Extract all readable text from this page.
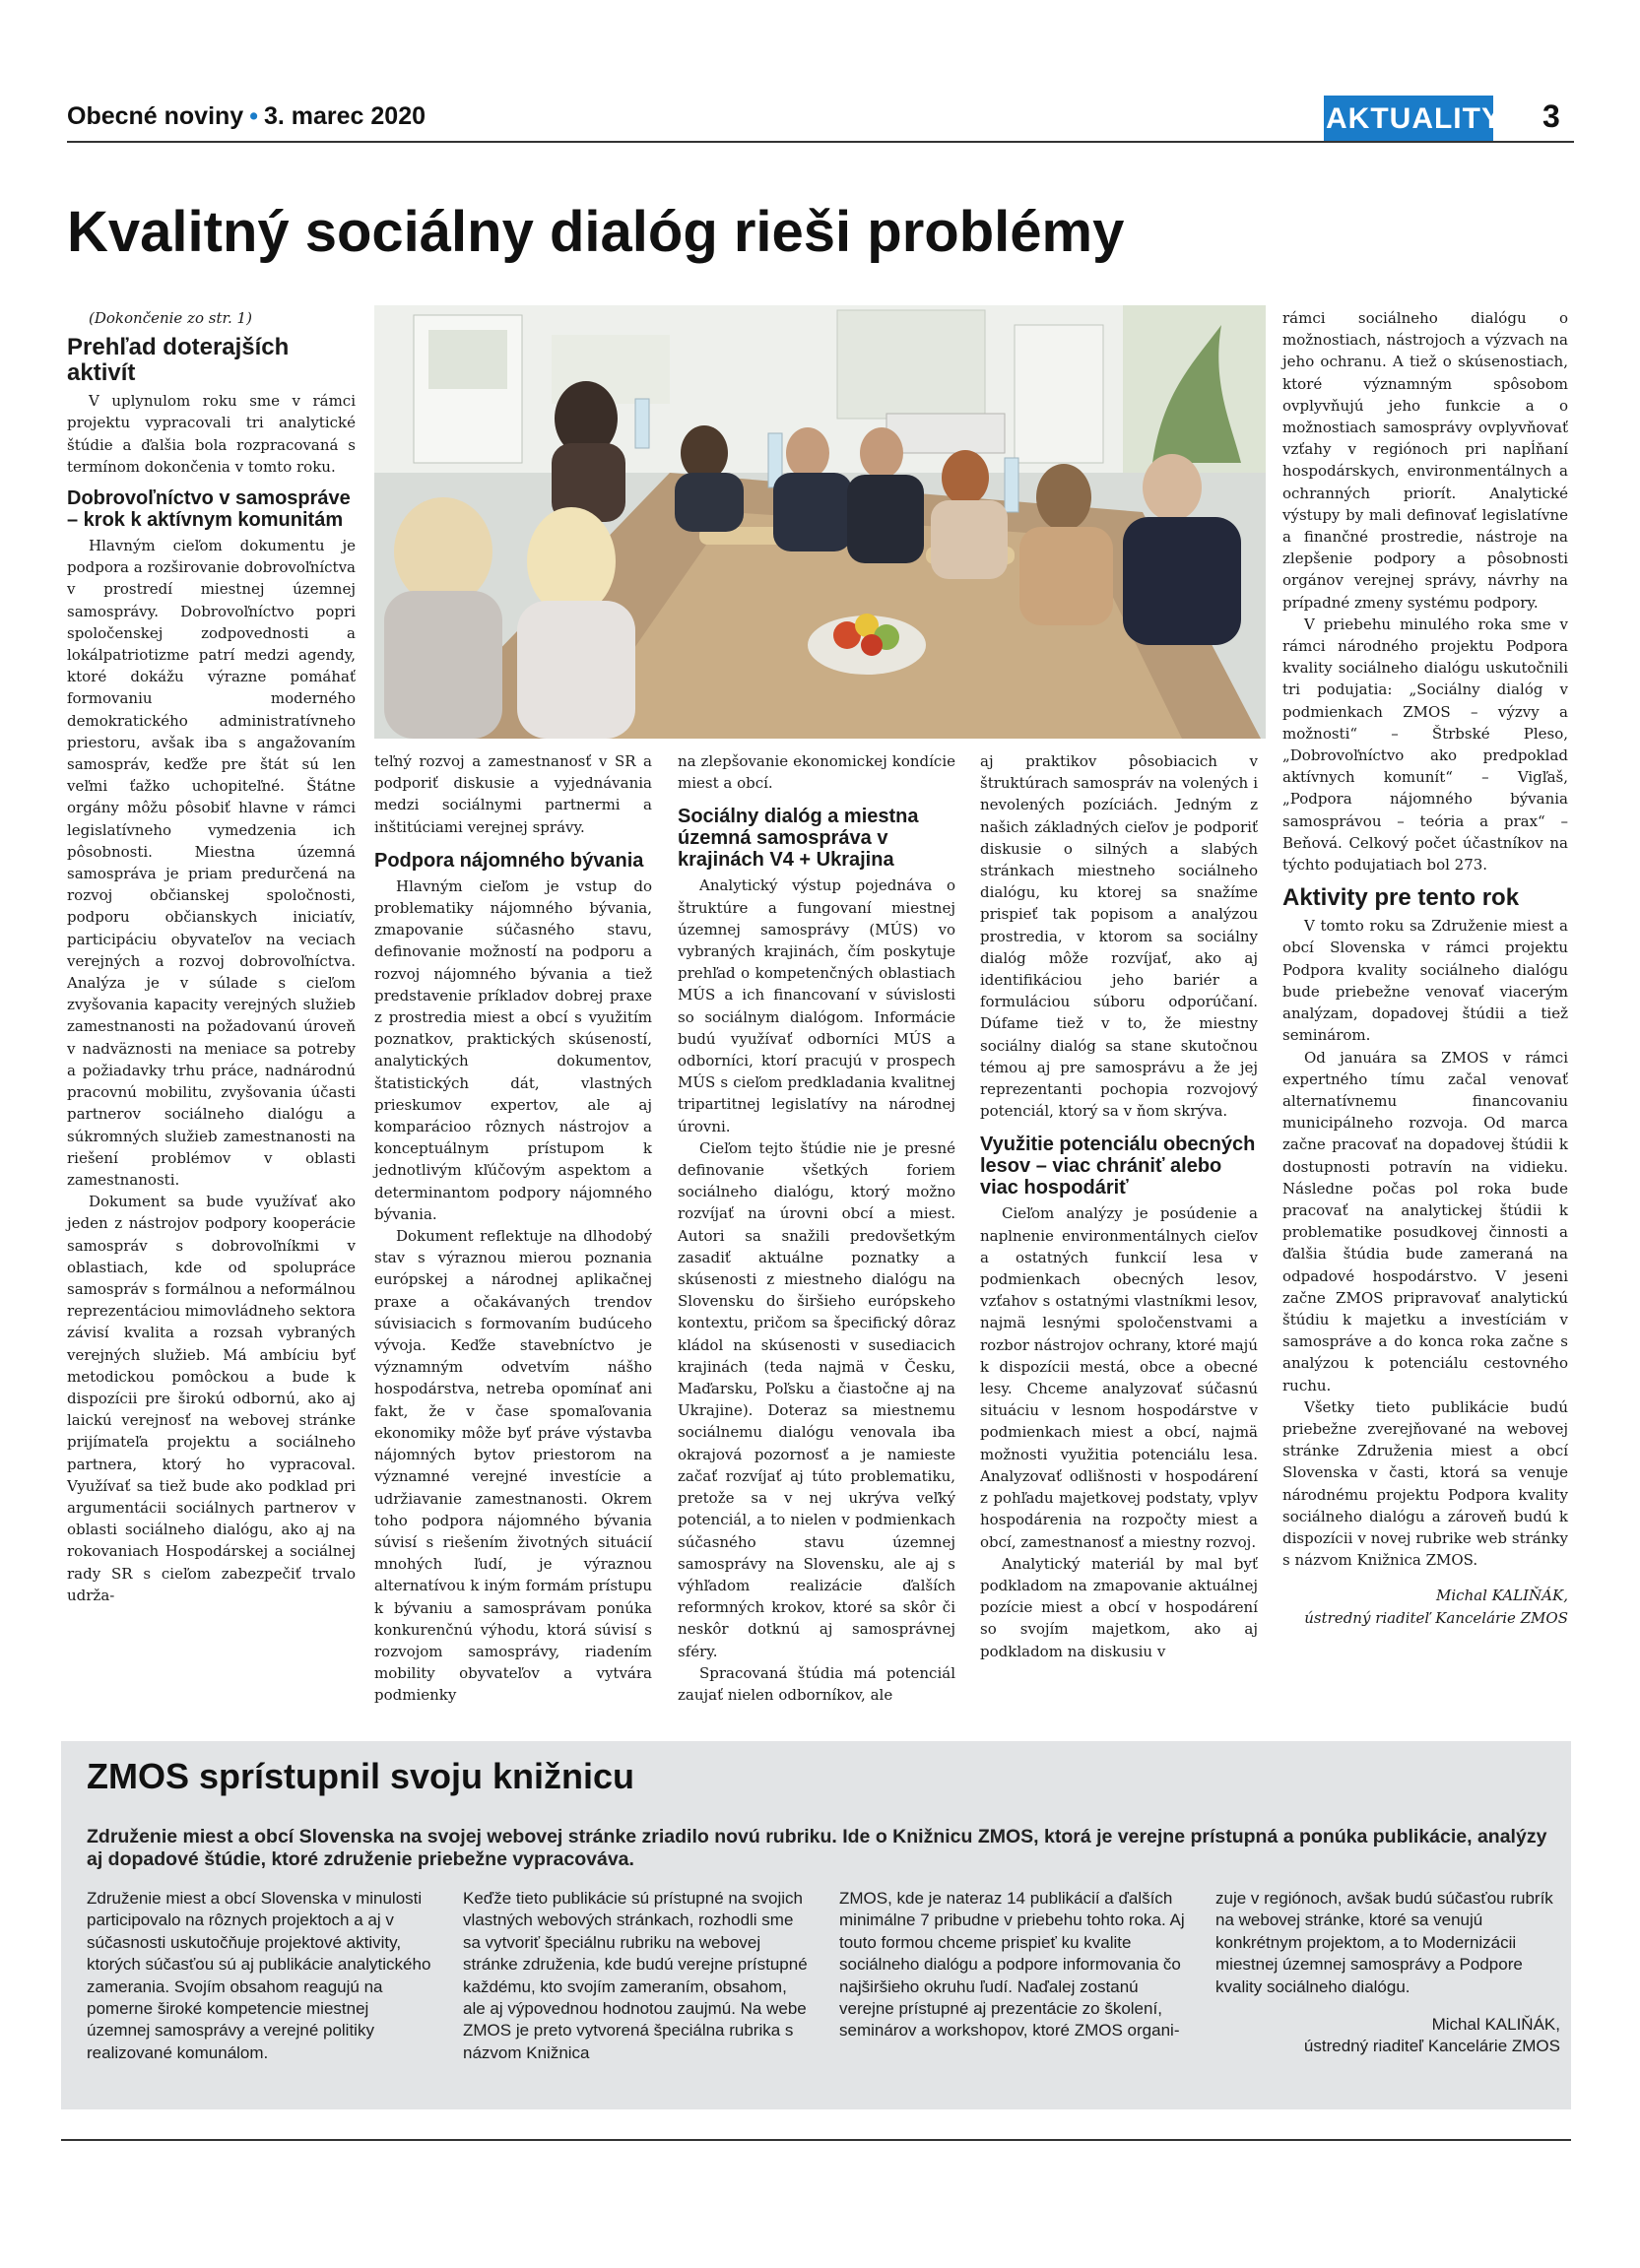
Obecné noviny • 3. marec 2020	AKTUALITY 3
Kvalitný sociálny dialóg rieši problémy

(Dokončenie zo str. 1)

Prehľad doterajších aktivít

V uplynulom roku sme v rámci projektu vypracovali tri analytické štúdie a ďalšia bola rozpracovaná s termínom dokončenia v tomto roku.

Dobrovoľníctvo v samospráve – krok k aktívnym komunitám

Hlavným cieľom dokumentu je podpora a rozširovanie dobrovoľníctva v prostredí miestnej územnej samosprávy. Dobrovoľníctvo popri spoločenskej zodpovednosti a lokálpatriotizme patrí medzi agendy, ktoré dokážu výrazne pomáhať formovaniu moderného demokratického administratívneho priestoru, avšak iba s angažovaním samospráv, keďže pre štát sú len veľmi ťažko uchopiteľné. Štátne orgány môžu pôsobiť hlavne v rámci legislatívneho vymedzenia ich pôsobnosti. Miestna územná samospráva je priam predurčená na rozvoj občianskej spoločnosti, podporu občianskych iniciatív, participáciu obyvateľov na veciach verejných a rozvoj dobrovoľníctva. Analýza je v súlade s cieľom zvyšovania kapacity verejných služieb zamestnanosti na požadovanú úroveň v nadväznosti na meniace sa potreby a požiadavky trhu práce, nadnárodnú pracovnú mobilitu, zvyšovania účasti partnerov sociálneho dialógu a súkromných služieb zamestnanosti na riešení problémov v oblasti zamestnanosti.

Dokument sa bude využívať ako jeden z nástrojov podpory kooperácie samospráv s dobrovoľníkmi v oblastiach, kde od spolupráce samospráv s formálnou a neformálnou reprezentáciou mimovládneho sektora závisí kvalita a rozsah vybraných verejných služieb. Má ambíciu byť metodickou pomôckou a bude k dispozícii pre širokú odbornú, ako aj laickú verejnosť na webovej stránke prijímateľa projektu a sociálneho partnera, ktorý ho vypracoval. Využívať sa tiež bude ako podklad pri argumentácii sociálnych partnerov v oblasti sociálneho dialógu, ako aj na rokovaniach Hospodárskej a sociálnej rady SR s cieľom zabezpečiť trvalo udrža-

teľný rozvoj a zamestnanosť v SR a podporiť diskusie a vyjednávania medzi sociálnymi partnermi a inštitúciami verejnej správy.

Podpora nájomného bývania

Hlavným cieľom je vstup do problematiky nájomného bývania, zmapovanie súčasného stavu, definovanie možností na podporu a rozvoj nájomného bývania a tiež predstavenie príkladov dobrej praxe z prostredia miest a obcí s využitím poznatkov, praktických skúseností, analytických dokumentov, štatistických dát, vlastných prieskumov expertov, ale aj komparácioo rôznych nástrojov a konceptuálnym prístupom k jednotlivým kľúčovým aspektom a determinantom podpory nájomného bývania.

Dokument reflektuje na dlhodobý stav s výraznou mierou poznania európskej a národnej aplikačnej praxe a očakávaných trendov súvisiacich s formovaním budúceho vývoja. Keďže stavebníctvo je významným odvetvím nášho hospodárstva, netreba opomínať ani fakt, že v čase spomaľovania ekonomiky môže byť práve výstavba nájomných bytov priestorom na významné verejné investície a udržiavanie zamestnanosti. Okrem toho podpora nájomného bývania súvisí s riešením životných situácií mnohých ľudí, je výraznou alternatívou k iným formám prístupu k bývaniu a samosprávam ponúka konkurenčnú výhodu, ktorá súvisí s rozvojom samosprávy, riadením mobility obyvateľov a vytvára podmienky

na zlepšovanie ekonomickej kondície miest a obcí.

Sociálny dialóg a miestna územná samospráva v krajinách V4 + Ukrajina

Analytický výstup pojednáva o štruktúre a fungovaní miestnej územnej samosprávy (MÚS) vo vybraných krajinách, čím poskytuje prehľad o kompetenčných oblastiach MÚS a ich financovaní v súvislosti so sociálnym dialógom. Informácie budú využívať odborníci MÚS a odborníci, ktorí pracujú v prospech MÚS s cieľom predkladania kvalitnej tripartitnej legislatívy na národnej úrovni.

Cieľom tejto štúdie nie je presné definovanie všetkých foriem sociálneho dialógu, ktorý možno rozvíjať na úrovni obcí a miest. Autori sa snažili predovšetkým zasadiť aktuálne poznatky a skúsenosti z miestneho dialógu na Slovensku do širšieho európskeho kontextu, pričom sa špecifický dôraz kládol na skúsenosti v susediacich krajinách (teda najmä v Česku, Maďarsku, Poľsku a čiastočne aj na Ukrajine). Doteraz sa miestnemu sociálnemu dialógu venovala iba okrajová pozornosť a je namieste začať rozvíjať aj túto problematiku, pretože sa v nej ukrýva veľký potenciál, a to nielen v podmienkach súčasného stavu územnej samosprávy na Slovensku, ale aj s výhľadom realizácie ďalších reformných krokov, ktoré sa skôr či neskôr dotknú aj samosprávnej sféry.

Spracovaná štúdia má potenciál zaujať nielen odborníkov, ale

aj praktikov pôsobiacich v štruktúrach samospráv na volených i nevolených pozíciách. Jedným z našich základných cieľov je podporiť diskusie o silných a slabých stránkach miestneho sociálneho dialógu, ku ktorej sa snažíme prispieť tak popisom a analýzou prostredia, v ktorom sa sociálny dialóg môže rozvíjať, ako aj identifikáciou jeho bariér a formuláciou súboru odporúčaní. Dúfame tiež v to, že miestny sociálny dialóg sa stane skutočnou témou aj pre samosprávu a že jej reprezentanti pochopia rozvojový potenciál, ktorý sa v ňom skrýva.

Využitie potenciálu obecných lesov – viac chrániť alebo viac hospodáriť

Cieľom analýzy je posúdenie a naplnenie environmentálnych cieľov a ostatných funkcií lesa v podmienkach obecných lesov, vzťahov s ostatnými vlastníkmi lesov, najmä lesnými spoločenstvami a rozbor nástrojov ochrany, ktoré majú k dispozícii mestá, obce a obecné lesy. Chceme analyzovať súčasnú situáciu v lesnom hospodárstve v podmienkach miest a obcí, najmä možnosti využitia potenciálu lesa. Analyzovať odlišnosti v hospodárení z pohľadu majetkovej podstaty, vplyv hospodárenia na rozpočty miest a obcí, zamestnanosť a miestny rozvoj.

Analytický materiál by mal byť podkladom na zmapovanie aktuálnej pozície miest a obcí v hospodárení so svojím majetkom, ako aj podkladom na diskusiu v

rámci sociálneho dialógu o možnostiach, nástrojoch a výzvach na jeho ochranu. A tiež o skúsenostiach, ktoré významným spôsobom ovplyvňujú jeho funkcie a o možnostiach samosprávy ovplyvňovať vzťahy v regiónoch pri napĺňaní hospodárskych, environmentálnych a ochranných priorít. Analytické výstupy by mali definovať legislatívne a finančné prostredie, nástroje na zlepšenie podpory a pôsobnosti orgánov verejnej správy, návrhy na prípadné zmeny systému podpory.

V priebehu minulého roka sme v rámci národného projektu Podpora kvality sociálneho dialógu uskutočnili tri podujatia: „Sociálny dialóg v podmienkach ZMOS – výzvy a možnosti“ – Štrbské Pleso, „Dobrovoľníctvo ako predpoklad aktívnych komunít“ – Vigľaš, „Podpora nájomného bývania samosprávou – teória a prax“ – Beňová. Celkový počet účastníkov na týchto podujatiach bol 273.

Aktivity pre tento rok

V tomto roku sa Združenie miest a obcí Slovenska v rámci projektu Podpora kvality sociálneho dialógu bude priebežne venovať viacerým analýzam, dopadovej štúdii a tiež seminárom.

Od januára sa ZMOS v rámci expertného tímu začal venovať alternatívnemu financovaniu municipálneho rozvoja. Od marca začne pracovať na dopadovej štúdii k dostupnosti potravín na vidieku. Následne počas pol roka bude pracovať na analytickej štúdii k problematike posudkovej činnosti a ďalšia štúdia bude zameraná na odpadové hospodárstvo. V jeseni začne ZMOS pripravovať analytickú štúdiu k majetku a investíciám v samospráve a do konca roka začne s analýzou k potenciálu cestovného ruchu.

Všetky tieto publikácie budú priebežne zverejňované na webovej stránke Združenia miest a obcí Slovenska v časti, ktorá sa venuje národnému projektu Podpora kvality sociálneho dialógu a zároveň budú k dispozícii v novej rubrike web stránky s názvom Knižnica ZMOS.

Michal KALIŇÁK,
ústredný riaditeľ Kancelárie ZMOS

ZMOS sprístupnil svoju knižnicu
Združenie miest a obcí Slovenska na svojej webovej stránke zriadilo novú rubriku. Ide o Knižnicu ZMOS, ktorá je verejne prístupná a ponúka publikácie, analýzy aj dopadové štúdie, ktoré združenie priebežne vypracováva.

Združenie miest a obcí Slovenska v minulosti participovalo na rôznych projektoch a aj v súčasnosti uskutočňuje projektové aktivity, ktorých súčasťou sú aj publikácie analytického zamerania. Svojím obsahom reagujú na pomerne široké kompetencie miestnej územnej samosprávy a verejné politiky realizované komunálom.

Keďže tieto publikácie sú prístupné na svojich vlastných webových stránkach, rozhodli sme sa vytvoriť špeciálnu rubriku na webovej stránke združenia, kde budú verejne prístupné každému, kto svojím zameraním, obsahom, ale aj výpovednou hodnotou zaujmú. Na webe ZMOS je preto vytvorená špeciálna rubrika s názvom Knižnica

ZMOS, kde je nateraz 14 publikácií a ďalších minimálne 7 pribudne v priebehu tohto roka. Aj touto formou chceme prispieť ku kvalite sociálneho dialógu a podpore informovania čo najširšieho okruhu ľudí. Naďalej zostanú verejne prístupné aj prezentácie zo školení, seminárov a workshopov, ktoré ZMOS organi-

zuje v regiónoch, avšak budú súčasťou rubrík na webovej stránke, ktoré sa venujú konkrétnym projektom, a to Modernizácii miestnej územnej samosprávy a Podpore kvality sociálneho dialógu.

Michal KALIŇÁK,
ústredný riaditeľ Kancelárie ZMOS
